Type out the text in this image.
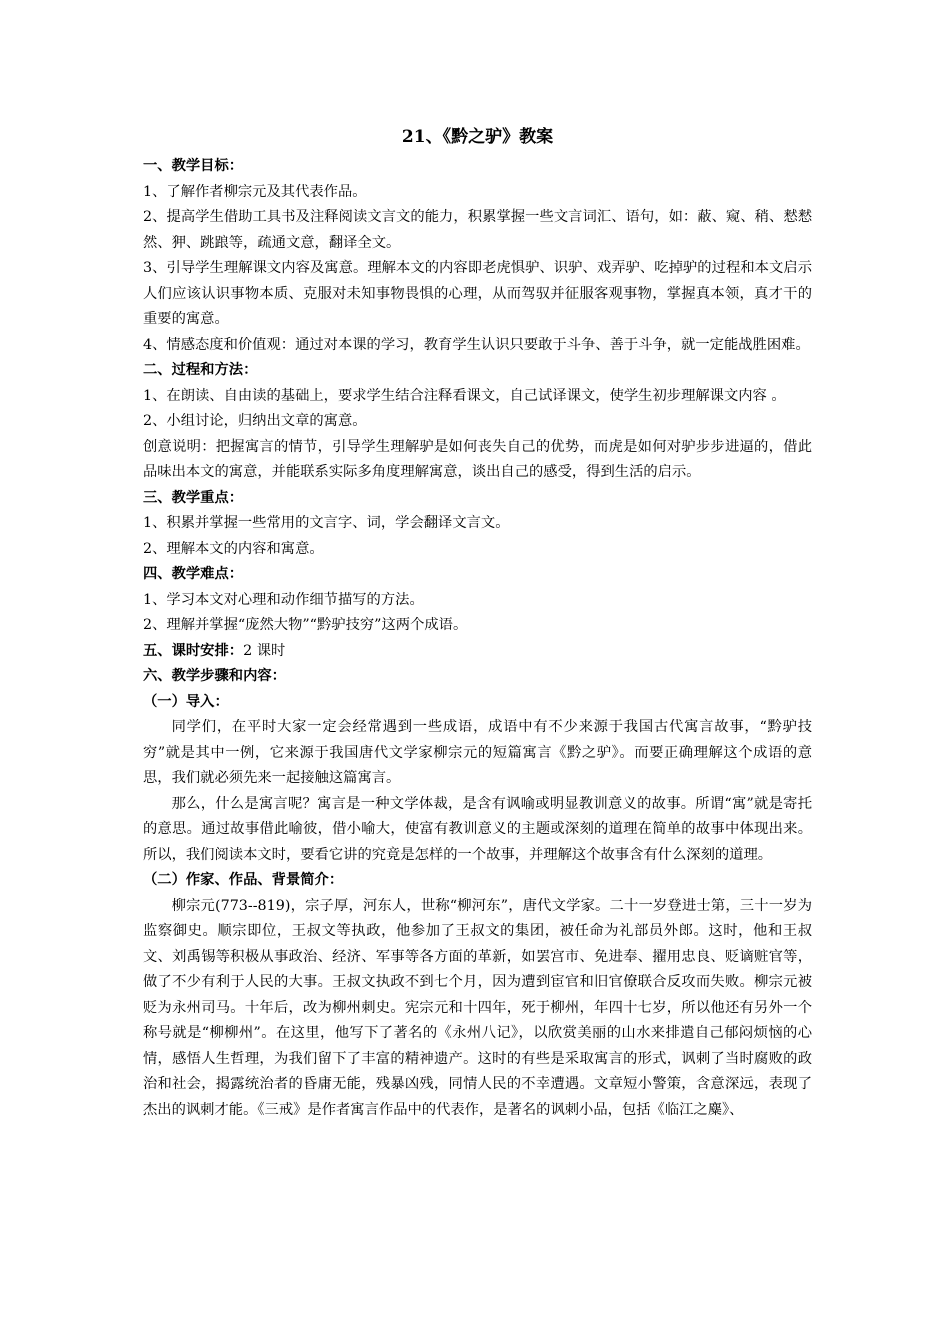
21、《黔之驴》教案

一、教学目标：

1、了解作者柳宗元及其代表作品。

2、提高学生借助工具书及注释阅读文言文的能力，积累掌握一些文言词汇、语句，如：蔽、窥、稍、慭慭然、狎、跳踉等，疏通文意，翻译全文。

3、引导学生理解课文内容及寓意。理解本文的内容即老虎惧驴、识驴、戏弄驴、吃掉驴的过程和本文启示人们应该认识事物本质、克服对未知事物畏惧的心理，从而驾驭并征服客观事物，掌握真本领，真才干的重要的寓意。

4、情感态度和价值观：通过对本课的学习，教育学生认识只要敢于斗争、善于斗争，就一定能战胜困难。

二、过程和方法：

1、在朗读、自由读的基础上，要求学生结合注释看课文，自己试译课文，使学生初步理解课文内容 。

2、小组讨论，归纳出文章的寓意。

创意说明：把握寓言的情节，引导学生理解驴是如何丧失自己的优势，而虎是如何对驴步步进逼的，借此品味出本文的寓意，并能联系实际多角度理解寓意，谈出自己的感受，得到生活的启示。

三、教学重点：

1、积累并掌握一些常用的文言字、词，学会翻译文言文。

2、理解本文的内容和寓意。

四、教学难点：

1、学习本文对心理和动作细节描写的方法。

2、理解并掌握“庞然大物”“黔驴技穷”这两个成语。

五、课时安排：2 课时

六、教学步骤和内容：

（一）导入：

同学们，在平时大家一定会经常遇到一些成语，成语中有不少来源于我国古代寓言故事，“黔驴技穷”就是其中一例，它来源于我国唐代文学家柳宗元的短篇寓言《黔之驴》。而要正确理解这个成语的意思，我们就必须先来一起接触这篇寓言。

那么，什么是寓言呢？寓言是一种文学体裁，是含有讽喻或明显教训意义的故事。所谓“寓”就是寄托的意思。通过故事借此喻彼，借小喻大，使富有教训意义的主题或深刻的道理在简单的故事中体现出来。所以，我们阅读本文时，要看它讲的究竟是怎样的一个故事，并理解这个故事含有什么深刻的道理。

（二）作家、作品、背景简介：

柳宗元(773--819)，宗子厚，河东人，世称“柳河东”，唐代文学家。二十一岁登进士第，三十一岁为监察御史。顺宗即位，王叔文等执政，他参加了王叔文的集团，被任命为礼部员外郎。这时，他和王叔文、刘禹锡等积极从事政治、经济、军事等各方面的革新，如罢宫市、免进奉、擢用忠良、贬谪赃官等，做了不少有利于人民的大事。王叔文执政不到七个月，因为遭到宦官和旧官僚联合反攻而失败。柳宗元被贬为永州司马。十年后，改为柳州刺史。宪宗元和十四年，死于柳州，年四十七岁，所以他还有另外一个称号就是“柳柳州”。在这里，他写下了著名的《永州八记》，以欣赏美丽的山水来排遣自己郁闷烦恼的心情，感悟人生哲理，为我们留下了丰富的精神遗产。这时的有些是采取寓言的形式，讽刺了当时腐败的政治和社会，揭露统治者的昏庸无能，残暴凶残，同情人民的不幸遭遇。文章短小警策，含意深远，表现了杰出的讽刺才能。《三戒》是作者寓言作品中的代表作，是著名的讽刺小品，包括《临江之麋》、
